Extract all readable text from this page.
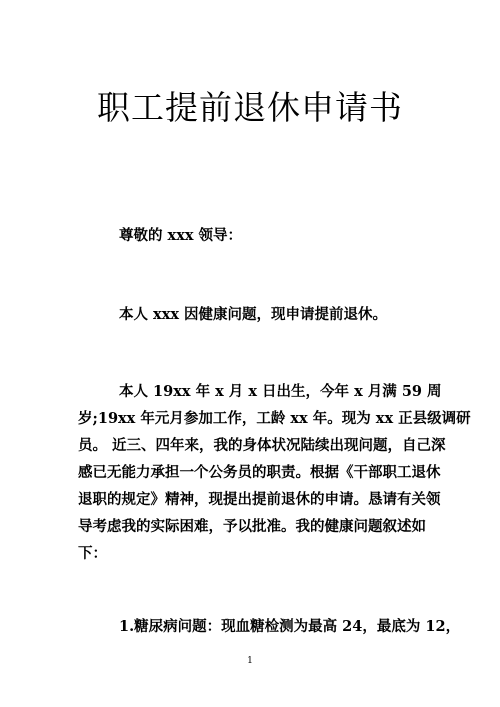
职工提前退休申请书
尊敬的 xxx 领导：
本人 xxx 因健康问题，现申请提前退休。
本人 19xx 年 x 月 x 日出生，今年 x 月满 59 周
岁;19xx 年元月参加工作，工龄 xx 年。现为 xx 正县级调研
员。 近三、四年来，我的身体状况陆续出现问题，自己深
感已无能力承担一个公务员的职责。根据《干部职工退休
退职的规定》精神，现提出提前退休的申请。恳请有关领
导考虑我的实际困难，予以批准。我的健康问题叙述如
下：
1.糖尿病问题：现血糖检测为最高 24，最底为 12，
1
